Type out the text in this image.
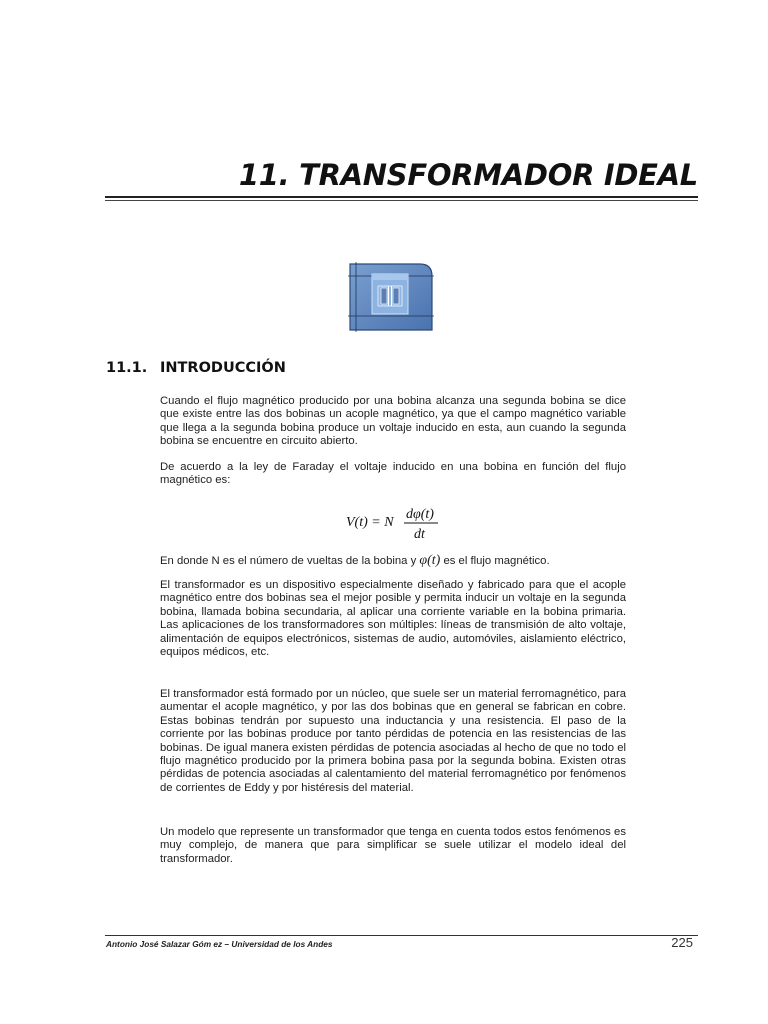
11. TRANSFORMADOR IDEAL
11.1. INTRODUCCIÓN

Cuando el flujo magnético producido por una bobina alcanza una segunda bobina se dice que existe entre las dos bobinas un acople magnético, ya que el campo magnético variable que llega a la segunda bobina produce un voltaje inducido en esta, aun cuando la segunda bobina se encuentre en circuito abierto.

De acuerdo a la ley de Faraday el voltaje inducido en una bobina en función del flujo magnético es:

V(t) = N
dφ(t)
dt

En donde N es el número de vueltas de la bobina y φ(t) es el flujo magnético.

El transformador es un dispositivo especialmente diseñado y fabricado para que el acople magnético entre dos bobinas sea el mejor posible y permita inducir un voltaje en la segunda bobina, llamada bobina secundaria, al aplicar una corriente variable en la bobina primaria. Las aplicaciones de los transformadores son múltiples: líneas de transmisión de alto voltaje, alimentación de equipos electrónicos, sistemas de audio, automóviles, aislamiento eléctrico, equipos médicos, etc.

El transformador está formado por un núcleo, que suele ser un material ferromagnético, para aumentar el acople magnético, y por las dos bobinas que en general se fabrican en cobre. Estas bobinas tendrán por supuesto una inductancia y una resistencia. El paso de la corriente por las bobinas produce por tanto pérdidas de potencia en las resistencias de las bobinas. De igual manera existen pérdidas de potencia asociadas al hecho de que no todo el flujo magnético producido por la primera bobina pasa por la segunda bobina. Existen otras pérdidas de potencia asociadas al calentamiento del material ferromagnético por fenómenos de corrientes de Eddy y por histéresis del material.

Un modelo que represente un transformador que tenga en cuenta todos estos fenómenos es muy complejo, de manera que para simplificar se suele utilizar el modelo ideal del transformador.

Antonio José Salazar Góm ez – Universidad de los Andes	225
